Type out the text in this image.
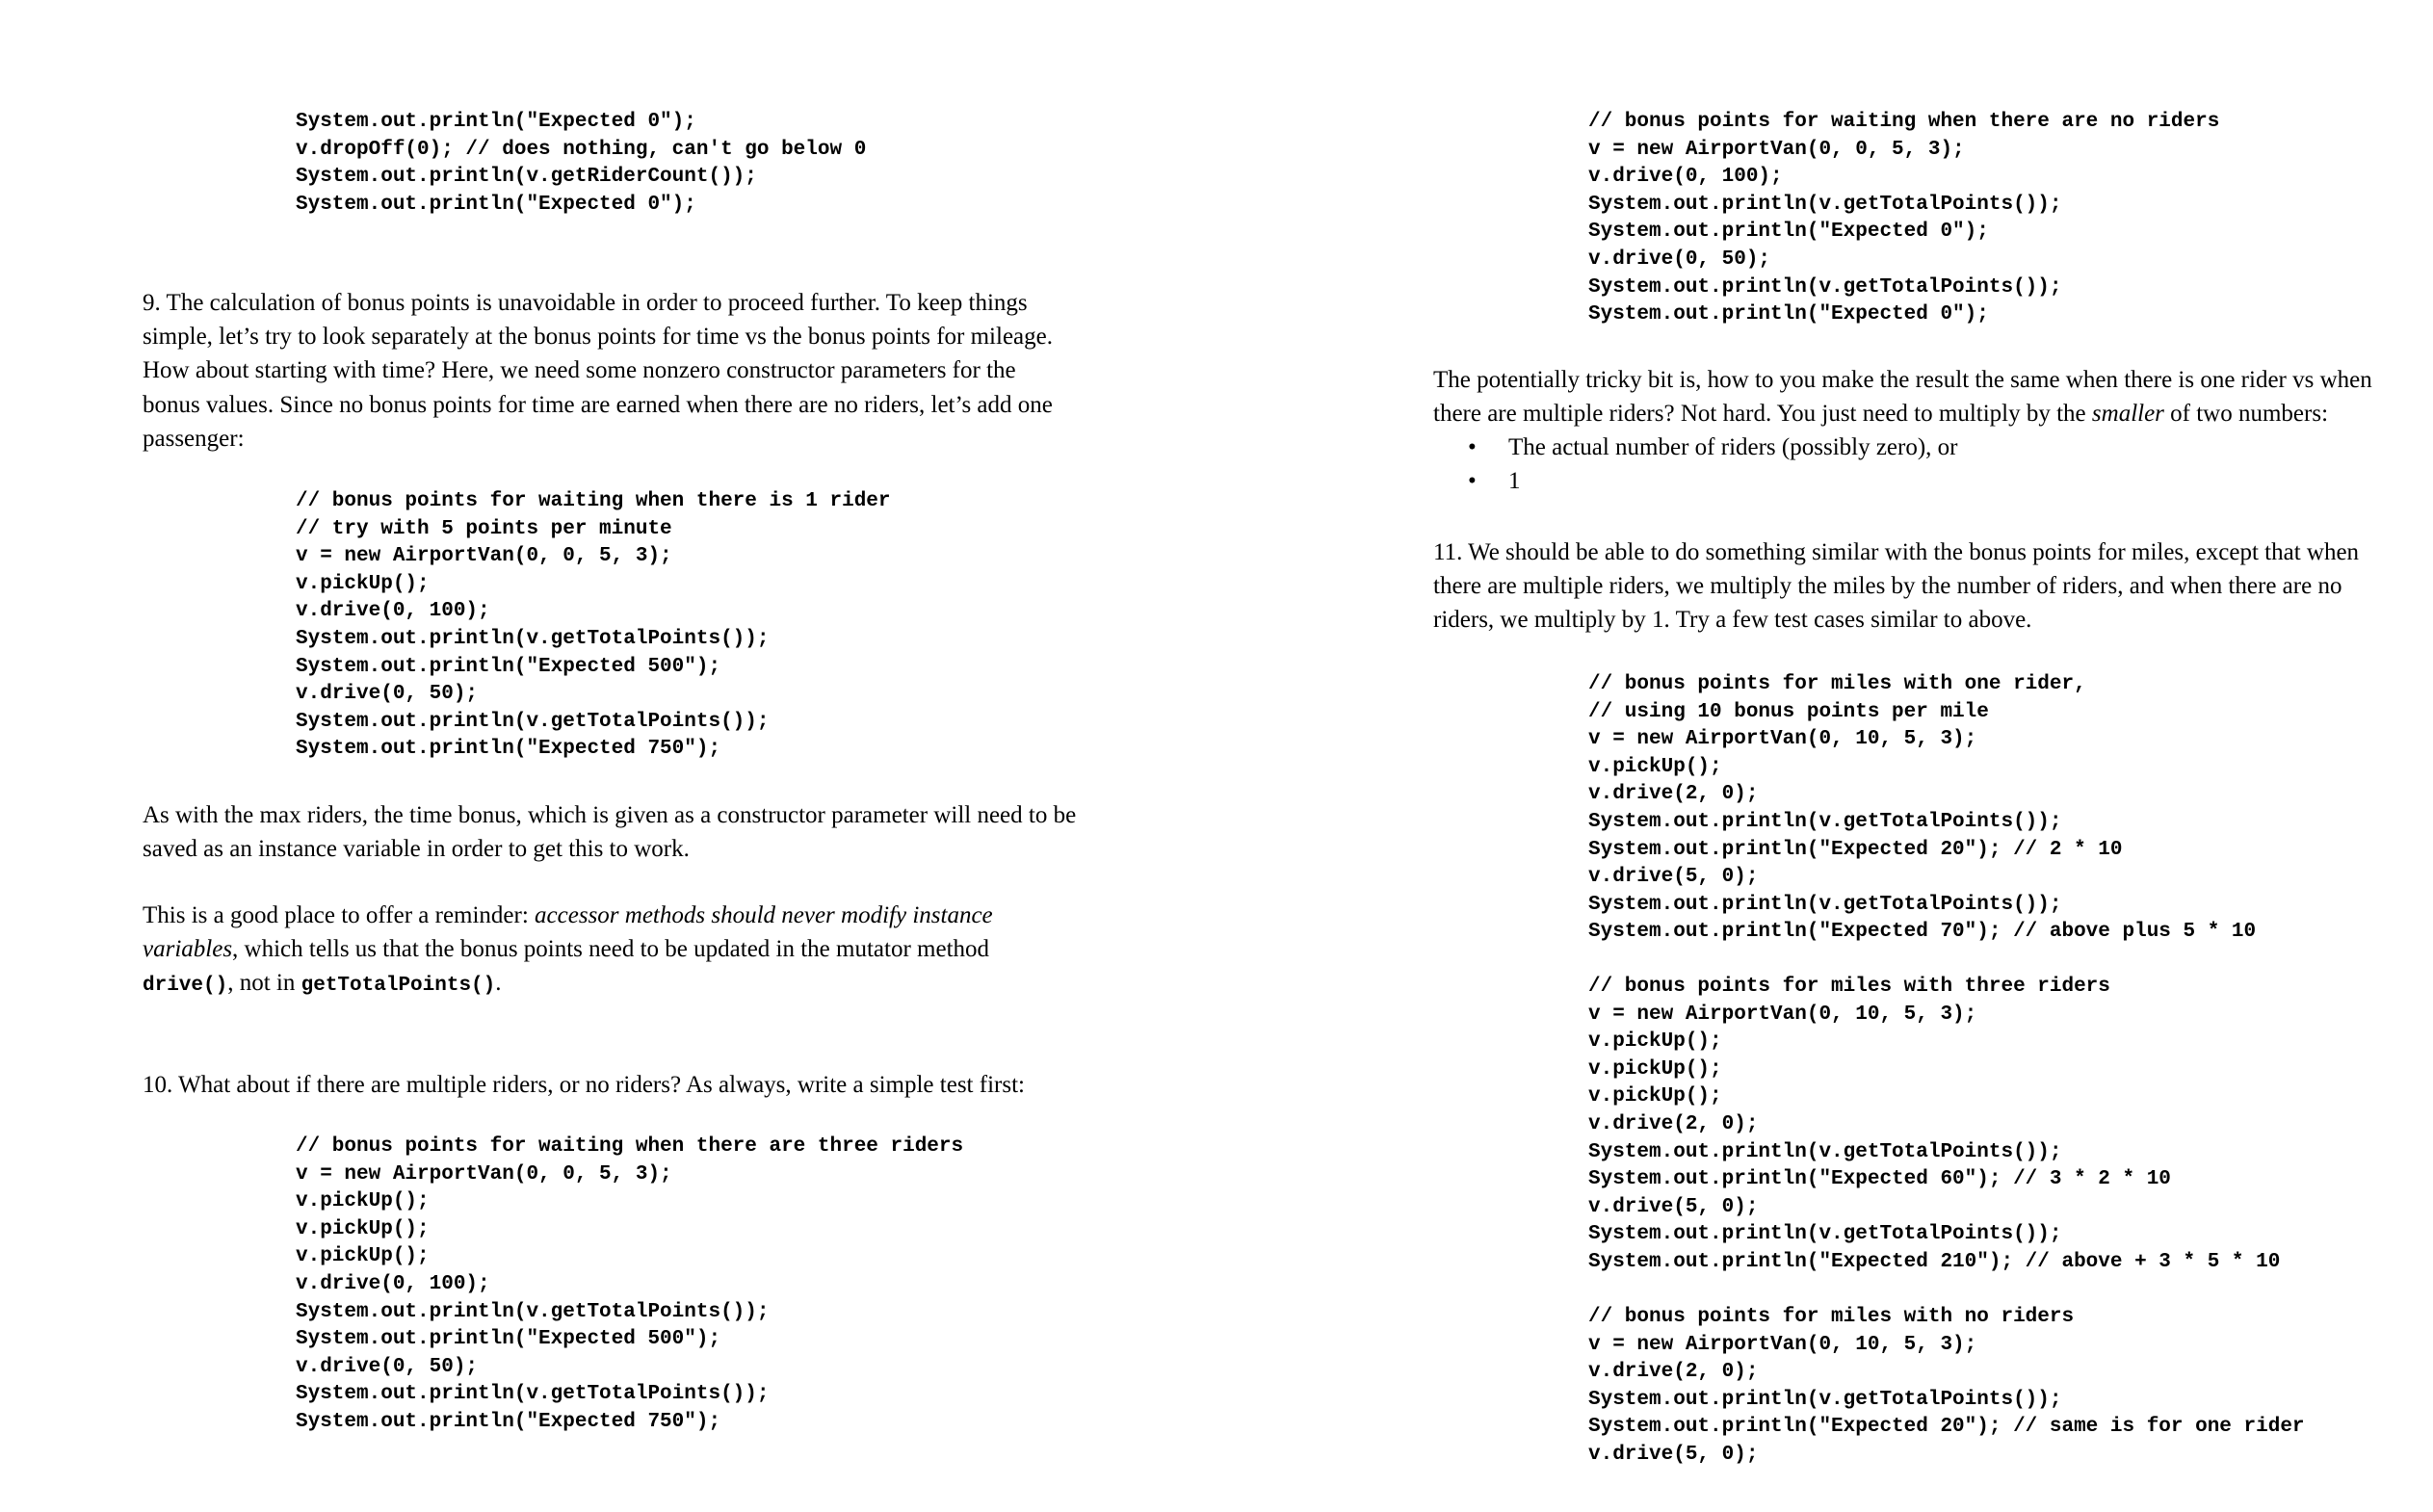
System.out.println("Expected 0");
v.dropOff(0); // does nothing, can't go below 0
System.out.println(v.getRiderCount());
System.out.println("Expected 0");
9. The calculation of bonus points is unavoidable in order to proceed further. To keep things
simple, let’s try to look separately at the bonus points for time vs the bonus points for mileage.
How about starting with time? Here, we need some nonzero constructor parameters for the
bonus values. Since no bonus points for time are earned when there are no riders, let’s add one
passenger:
// bonus points for waiting when there is 1 rider
// try with 5 points per minute
v = new AirportVan(0, 0, 5, 3);
v.pickUp();
v.drive(0, 100);
System.out.println(v.getTotalPoints());
System.out.println("Expected 500");
v.drive(0, 50);
System.out.println(v.getTotalPoints());
System.out.println("Expected 750");
As with the max riders, the time bonus, which is given as a constructor parameter will need to be
saved as an instance variable in order to get this to work.
This is a good place to offer a reminder: accessor methods should never modify instance
variables, which tells us that the bonus points need to be updated in the mutator method
drive(), not in getTotalPoints().
10. What about if there are multiple riders, or no riders? As always, write a simple test first:
// bonus points for waiting when there are three riders
v = new AirportVan(0, 0, 5, 3);
v.pickUp();
v.pickUp();
v.pickUp();
v.drive(0, 100);
System.out.println(v.getTotalPoints());
System.out.println("Expected 500");
v.drive(0, 50);
System.out.println(v.getTotalPoints());
System.out.println("Expected 750");
// bonus points for waiting when there are no riders
v = new AirportVan(0, 0, 5, 3);
v.drive(0, 100);
System.out.println(v.getTotalPoints());
System.out.println("Expected 0");
v.drive(0, 50);
System.out.println(v.getTotalPoints());
System.out.println("Expected 0");
The potentially tricky bit is, how to you make the result the same when there is one rider vs when
there are multiple riders? Not hard. You just need to multiply by the smaller of two numbers:
• The actual number of riders (possibly zero), or
• 1
11. We should be able to do something similar with the bonus points for miles, except that when
there are multiple riders, we multiply the miles by the number of riders, and when there are no
riders, we multiply by 1. Try a few test cases similar to above.
// bonus points for miles with one rider,
// using 10 bonus points per mile
v = new AirportVan(0, 10, 5, 3);
v.pickUp();
v.drive(2, 0);
System.out.println(v.getTotalPoints());
System.out.println("Expected 20"); // 2 * 10
v.drive(5, 0);
System.out.println(v.getTotalPoints());
System.out.println("Expected 70"); // above plus 5 * 10
// bonus points for miles with three riders
v = new AirportVan(0, 10, 5, 3);
v.pickUp();
v.pickUp();
v.pickUp();
v.drive(2, 0);
System.out.println(v.getTotalPoints());
System.out.println("Expected 60"); // 3 * 2 * 10
v.drive(5, 0);
System.out.println(v.getTotalPoints());
System.out.println("Expected 210"); // above + 3 * 5 * 10
// bonus points for miles with no riders
v = new AirportVan(0, 10, 5, 3);
v.drive(2, 0);
System.out.println(v.getTotalPoints());
System.out.println("Expected 20"); // same is for one rider
v.drive(5, 0);
